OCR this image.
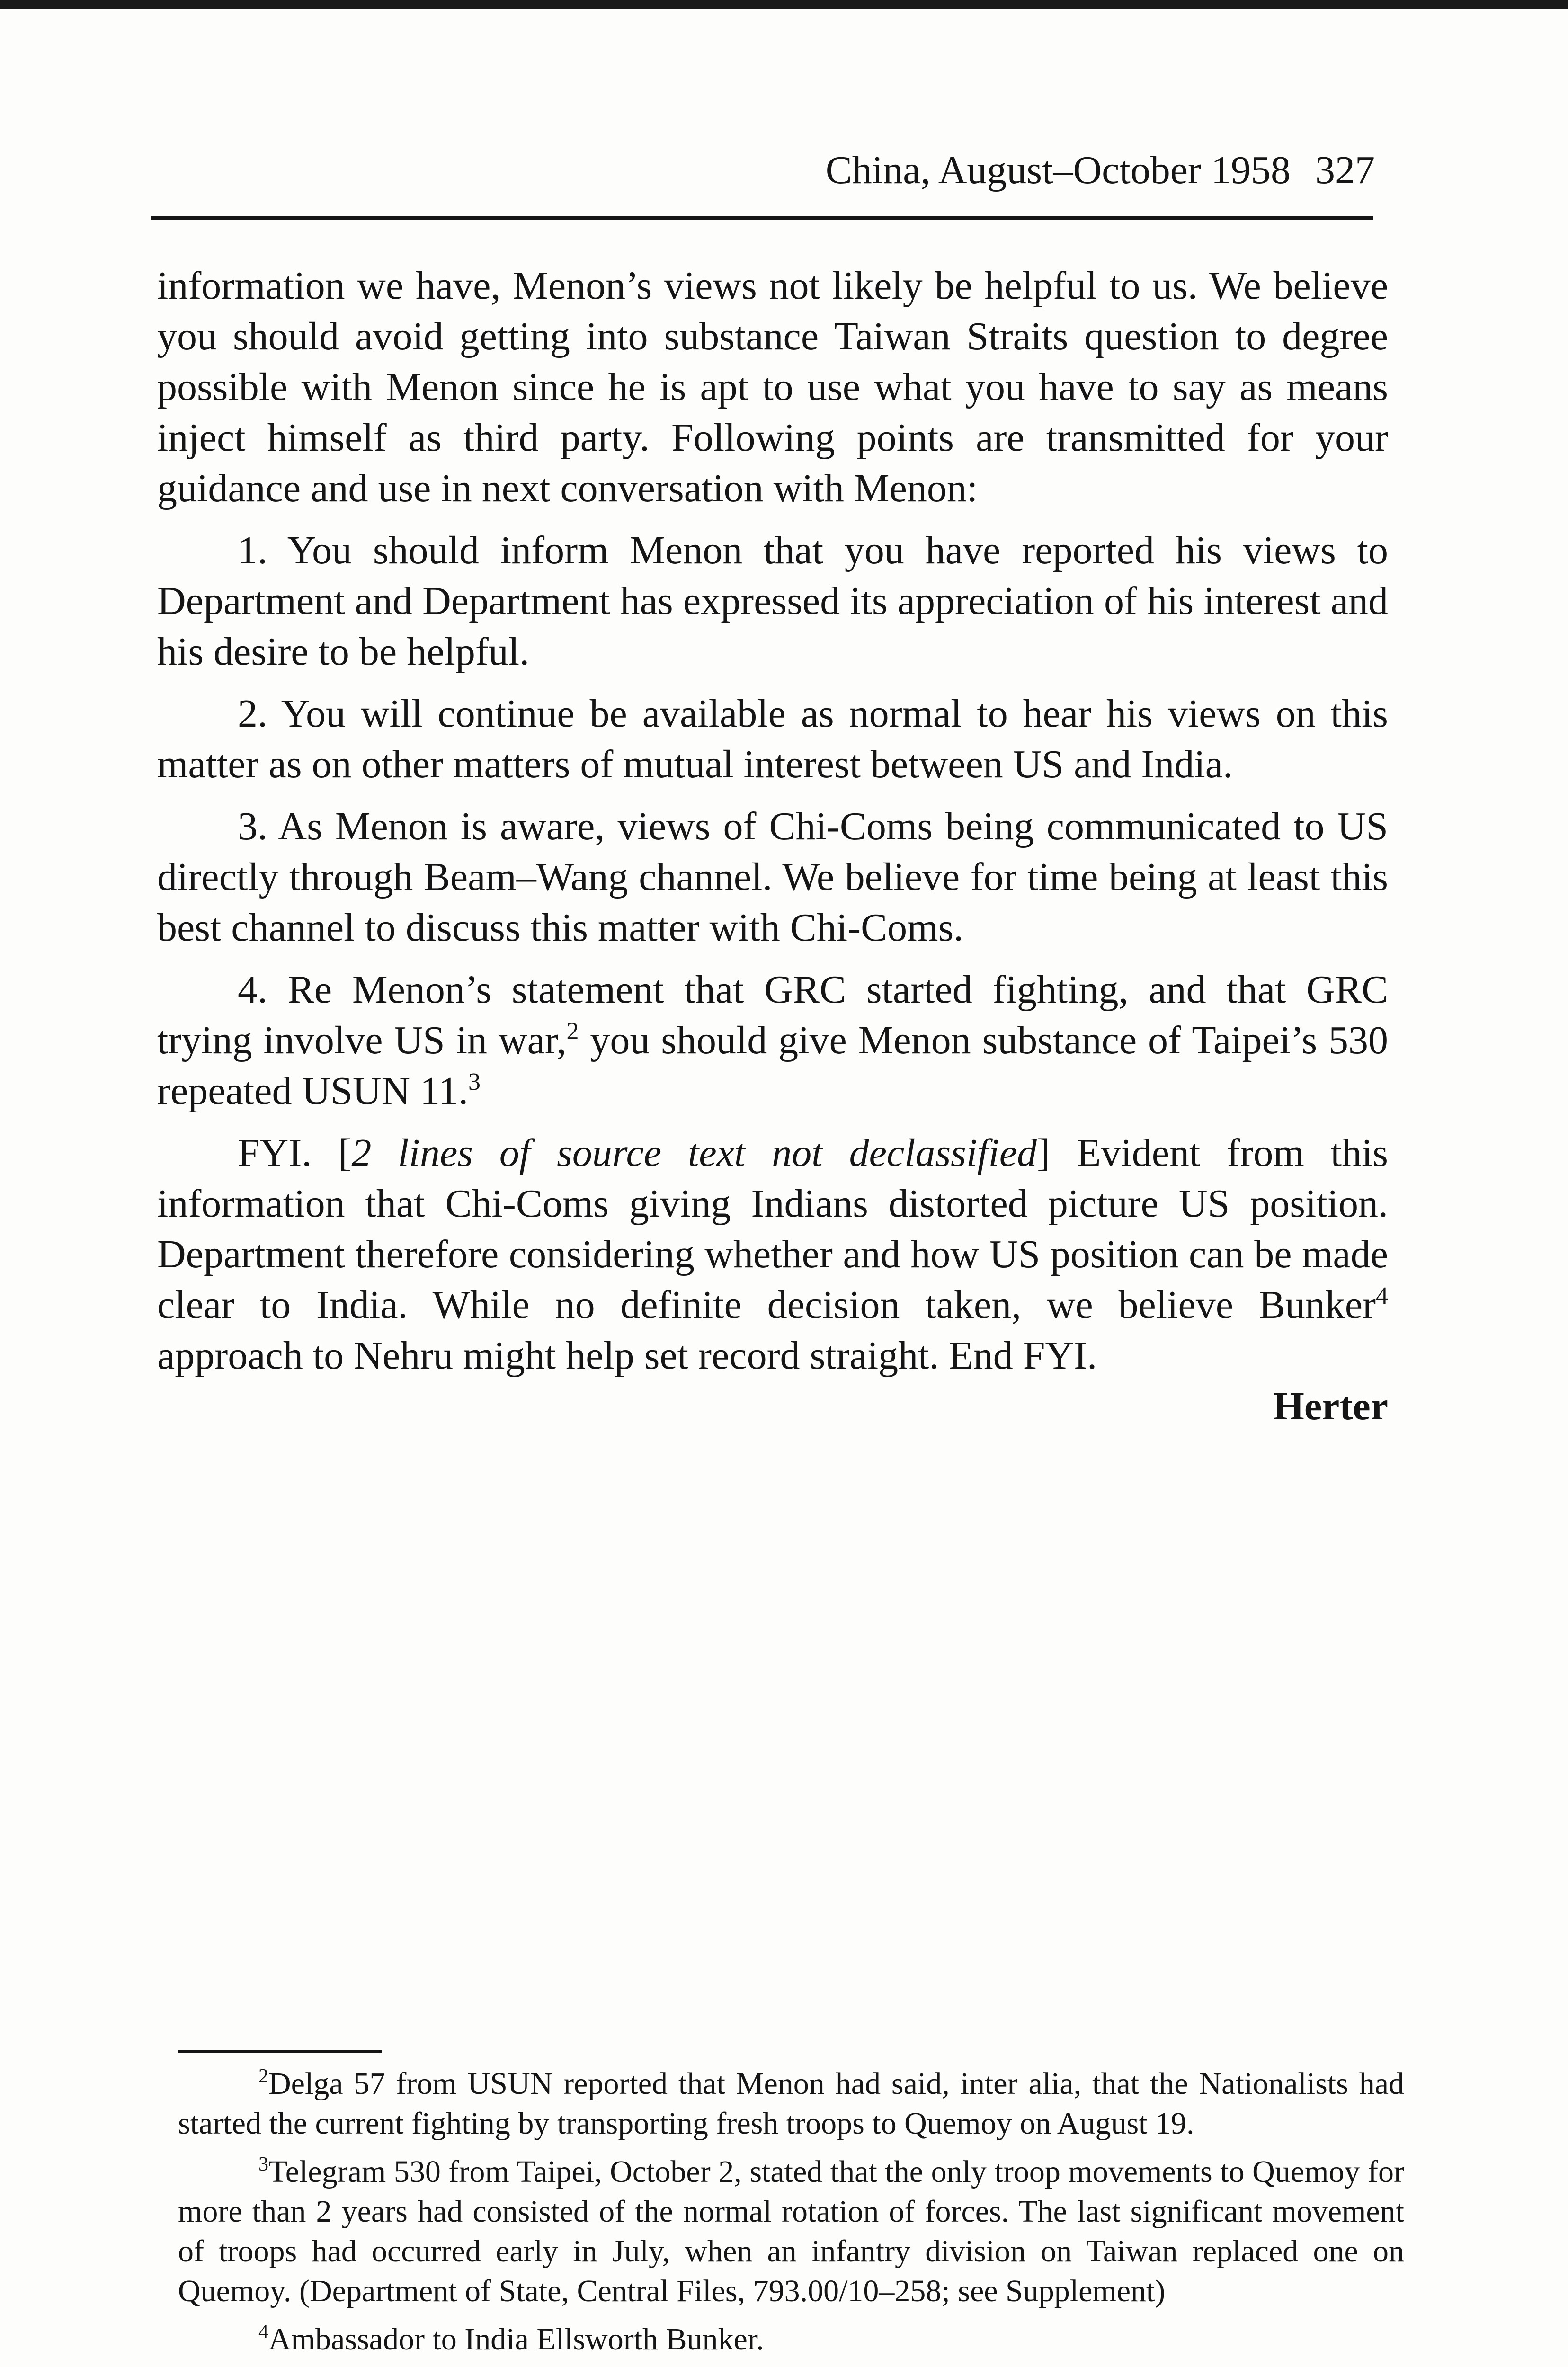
China, August–October 1958 327

information we have, Menon’s views not likely be helpful to us. We believe you should avoid getting into substance Taiwan Straits question to degree possible with Menon since he is apt to use what you have to say as means inject himself as third party. Following points are transmitted for your guidance and use in next conversation with Menon:

1. You should inform Menon that you have reported his views to Department and Department has expressed its appreciation of his interest and his desire to be helpful.

2. You will continue be available as normal to hear his views on this matter as on other matters of mutual interest between US and India.

3. As Menon is aware, views of Chi-Coms being communicated to US directly through Beam–Wang channel. We believe for time being at least this best channel to discuss this matter with Chi-Coms.

4. Re Menon’s statement that GRC started fighting, and that GRC trying involve US in war,$^2$ you should give Menon substance of Taipei’s 530 repeated USUN 11.$^3$

FYI. [2 lines of source text not declassified] Evident from this information that Chi-Coms giving Indians distorted picture US position. Department therefore considering whether and how US position can be made clear to India. While no definite decision taken, we believe Bunker$^4$ approach to Nehru might help set record straight. End FYI.

Herter

$^2$Delga 57 from USUN reported that Menon had said, inter alia, that the Nationalists had started the current fighting by transporting fresh troops to Quemoy on August 19.

$^3$Telegram 530 from Taipei, October 2, stated that the only troop movements to Quemoy for more than 2 years had consisted of the normal rotation of forces. The last significant movement of troops had occurred early in July, when an infantry division on Taiwan replaced one on Quemoy. (Department of State, Central Files, 793.00/10–258; see Supplement)

$^4$Ambassador to India Ellsworth Bunker.
